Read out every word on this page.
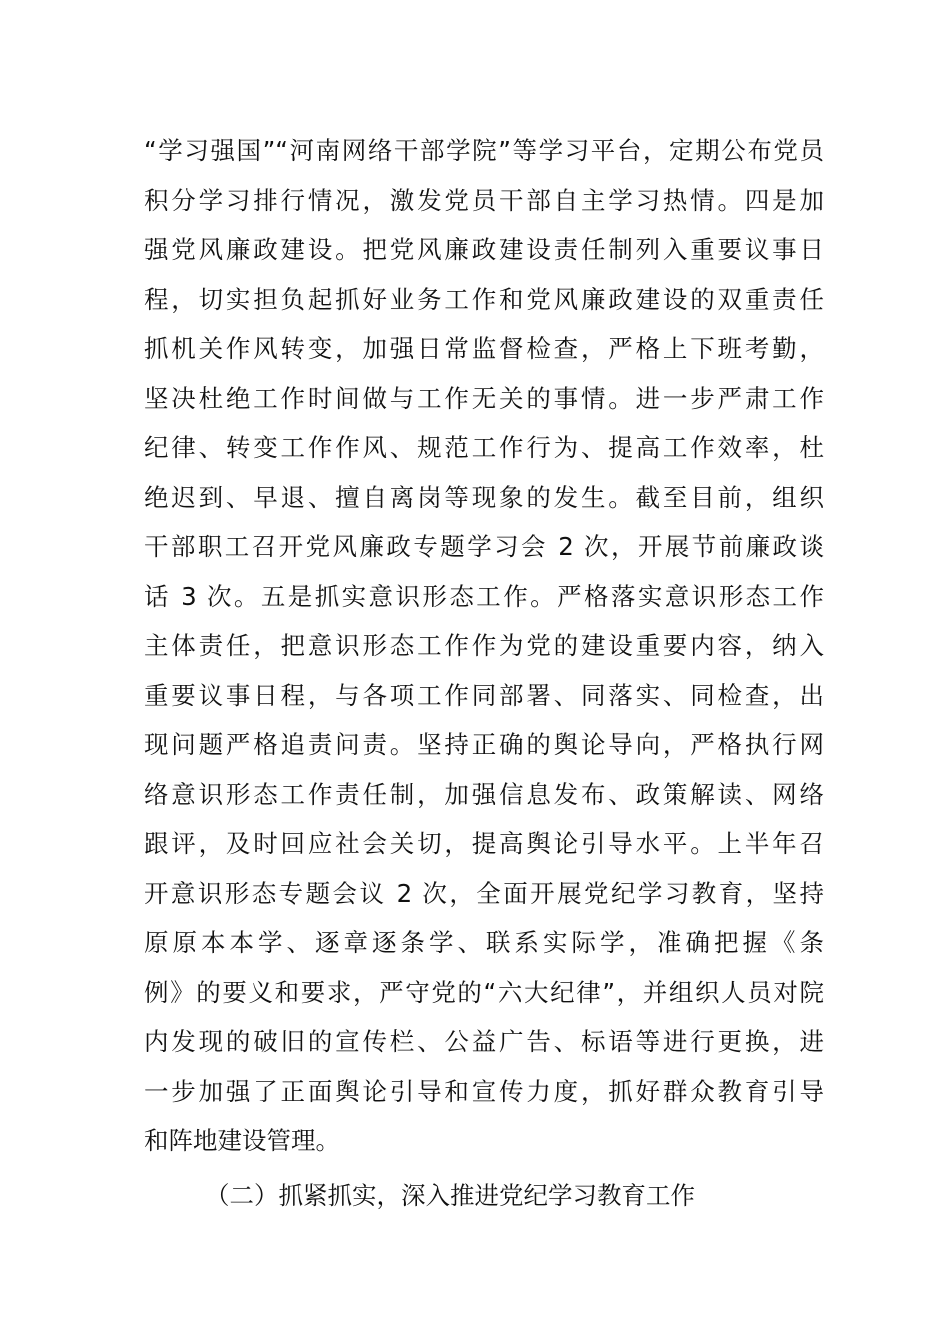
“学习强国”“河南网络干部学院”等学习平台，定期公布党员
积分学习排行情况，激发党员干部自主学习热情。四是加
强党风廉政建设。把党风廉政建设责任制列入重要议事日
程，切实担负起抓好业务工作和党风廉政建设的双重责任
抓机关作风转变，加强日常监督检查，严格上下班考勤，
坚决杜绝工作时间做与工作无关的事情。进一步严肃工作
纪律、转变工作作风、规范工作行为、提高工作效率，杜
绝迟到、早退、擅自离岗等现象的发生。截至目前，组织
干部职工召开党风廉政专题学习会 2 次，开展节前廉政谈
话 3 次。五是抓实意识形态工作。严格落实意识形态工作
主体责任，把意识形态工作作为党的建设重要内容，纳入
重要议事日程，与各项工作同部署、同落实、同检查，出
现问题严格追责问责。坚持正确的舆论导向，严格执行网
络意识形态工作责任制，加强信息发布、政策解读、网络
跟评，及时回应社会关切，提高舆论引导水平。上半年召
开意识形态专题会议 2 次，全面开展党纪学习教育，坚持
原原本本学、逐章逐条学、联系实际学，准确把握《条
例》的要义和要求，严守党的“六大纪律”，并组织人员对院
内发现的破旧的宣传栏、公益广告、标语等进行更换，进
一步加强了正面舆论引导和宣传力度，抓好群众教育引导
和阵地建设管理。
（二）抓紧抓实，深入推进党纪学习教育工作
